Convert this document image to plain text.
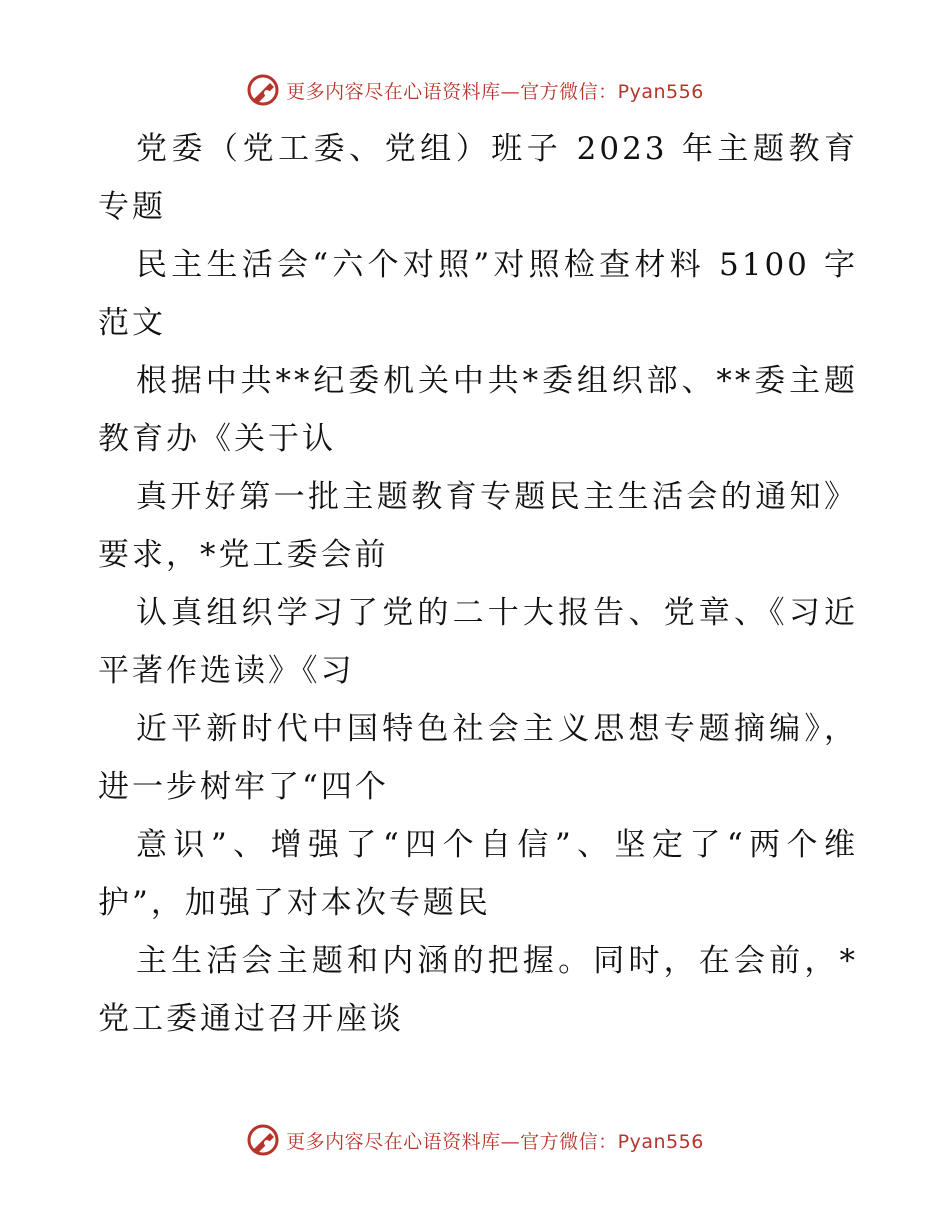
更多内容尽在心语资料库—官方微信：Pyan556

党委（党工委、党组）班子 2023 年主题教育专题

民主生活会“六个对照”对照检查材料 5100 字范文

根据中共**纪委机关中共*委组织部、**委主题教育办《关于认

真开好第一批主题教育专题民主生活会的通知》要求，*党工委会前

认真组织学习了党的二十大报告、党章、《习近平著作选读》《习

近平新时代中国特色社会主义思想专题摘编》，进一步树牢了“四个

意识”、增强了“四个自信”、坚定了“两个维护”，加强了对本次专题民

主生活会主题和内涵的把握。同时，在会前，*党工委通过召开座谈

更多内容尽在心语资料库—官方微信：Pyan556
